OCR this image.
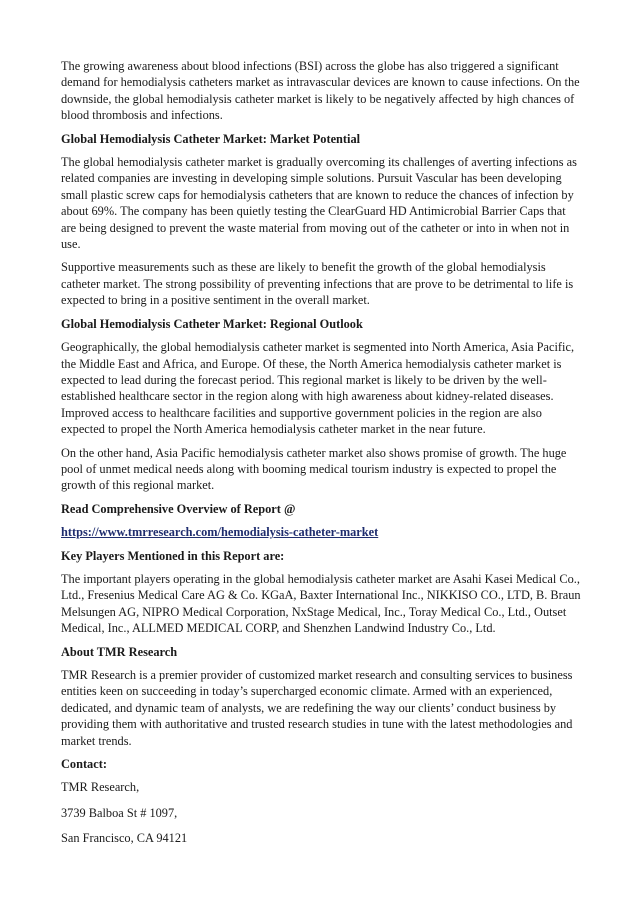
The growing awareness about blood infections (BSI) across the globe has also triggered a significant demand for hemodialysis catheters market as intravascular devices are known to cause infections. On the downside, the global hemodialysis catheter market is likely to be negatively affected by high chances of blood thrombosis and infections.

Global Hemodialysis Catheter Market: Market Potential

The global hemodialysis catheter market is gradually overcoming its challenges of averting infections as related companies are investing in developing simple solutions. Pursuit Vascular has been developing small plastic screw caps for hemodialysis catheters that are known to reduce the chances of infection by about 69%. The company has been quietly testing the ClearGuard HD Antimicrobial Barrier Caps that are being designed to prevent the waste material from moving out of the catheter or into in when not in use.

Supportive measurements such as these are likely to benefit the growth of the global hemodialysis catheter market. The strong possibility of preventing infections that are prove to be detrimental to life is expected to bring in a positive sentiment in the overall market.

Global Hemodialysis Catheter Market: Regional Outlook

Geographically, the global hemodialysis catheter market is segmented into North America, Asia Pacific, the Middle East and Africa, and Europe. Of these, the North America hemodialysis catheter market is expected to lead during the forecast period. This regional market is likely to be driven by the well-established healthcare sector in the region along with high awareness about kidney-related diseases. Improved access to healthcare facilities and supportive government policies in the region are also expected to propel the North America hemodialysis catheter market in the near future.

On the other hand, Asia Pacific hemodialysis catheter market also shows promise of growth. The huge pool of unmet medical needs along with booming medical tourism industry is expected to propel the growth of this regional market.

Read Comprehensive Overview of Report @

https://www.tmrresearch.com/hemodialysis-catheter-market

Key Players Mentioned in this Report are:

The important players operating in the global hemodialysis catheter market are Asahi Kasei Medical Co., Ltd., Fresenius Medical Care AG & Co. KGaA, Baxter International Inc., NIKKISO CO., LTD, B. Braun Melsungen AG, NIPRO Medical Corporation, NxStage Medical, Inc., Toray Medical Co., Ltd., Outset Medical, Inc., ALLMED MEDICAL CORP, and Shenzhen Landwind Industry Co., Ltd.

About TMR Research

TMR Research is a premier provider of customized market research and consulting services to business entities keen on succeeding in today’s supercharged economic climate. Armed with an experienced, dedicated, and dynamic team of analysts, we are redefining the way our clients’ conduct business by providing them with authoritative and trusted research studies in tune with the latest methodologies and market trends.

Contact:

TMR Research,

3739 Balboa St # 1097,

San Francisco, CA 94121
